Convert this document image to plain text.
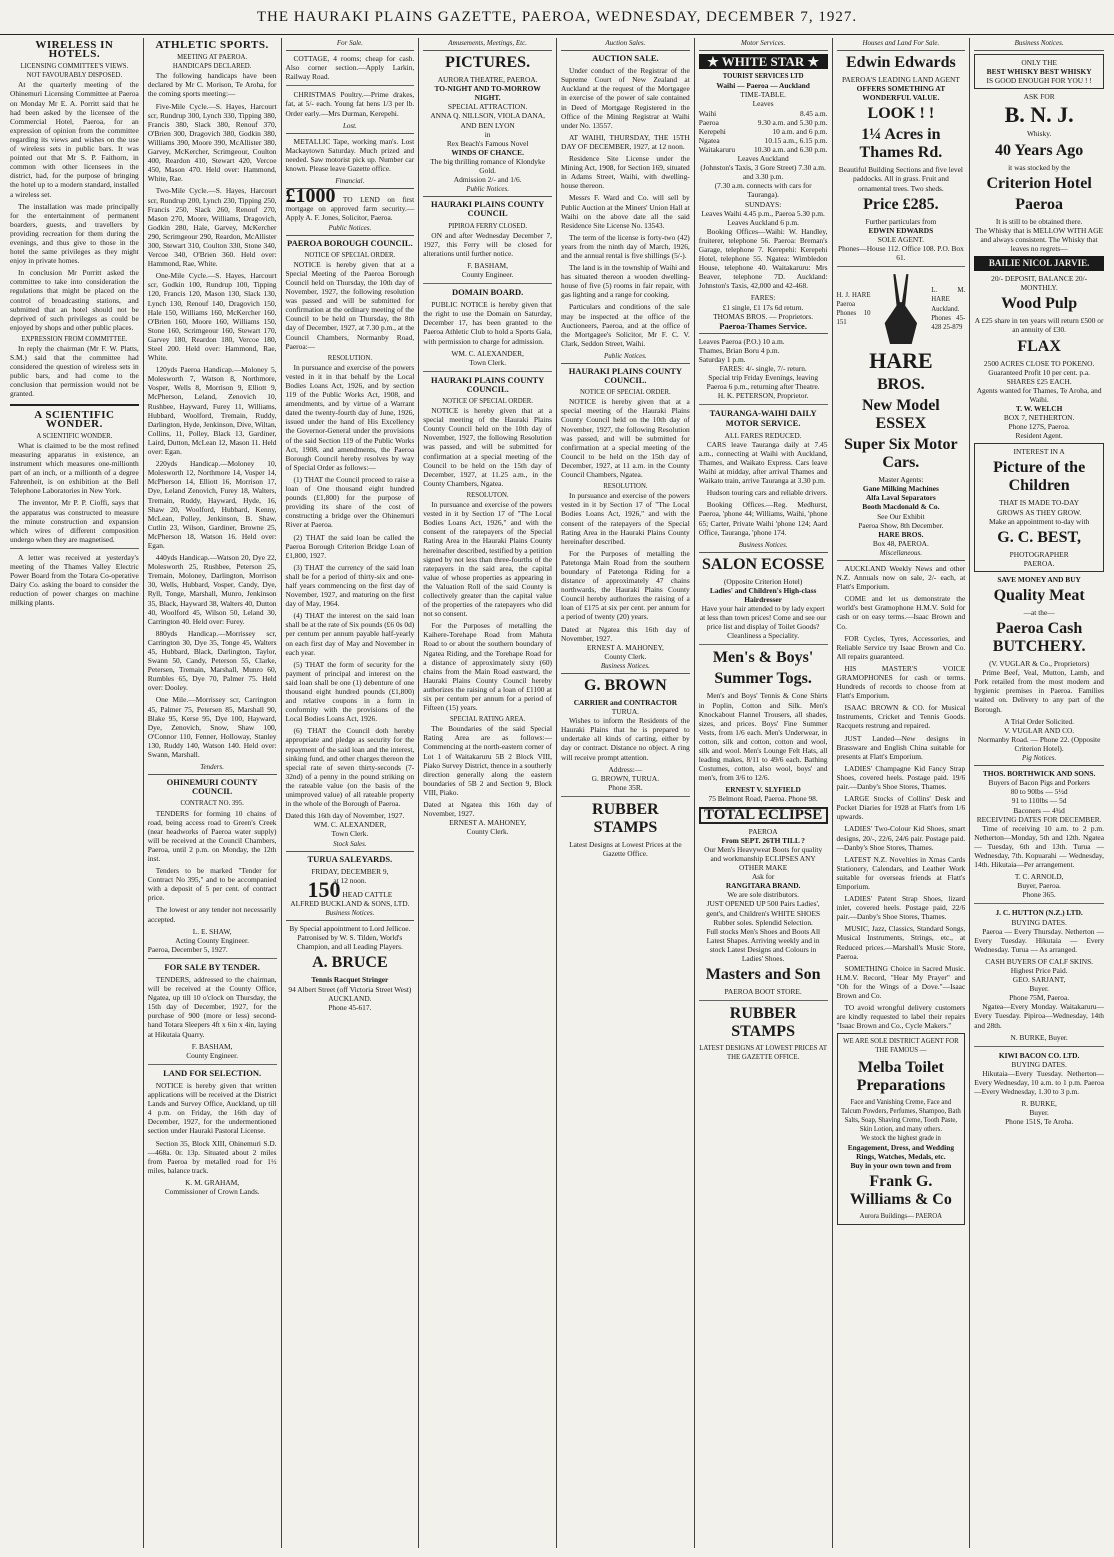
THE HAURAKI PLAINS GAZETTE, PAEROA, WEDNESDAY, DECEMBER 7, 1927.
WIRELESS IN HOTELS.
LICENSING COMMITTEE'S VIEWS.
NOT FAVOURABLY DISPOSED.

At the quarterly meeting of the Ohinemuri Licensing Committee at Paeroa on Monday Mr E. A. Porritt said that he had been asked by the licensee of the Commercial Hotel, Paeroa, for an expression of opinion from the committee regarding its views and wishes on the use of wireless sets in public bars. It was pointed out that Mr S. P. Faithorn, in common with other licensees in the district, had, for the purpose of bringing the hotel up to a modern standard, installed a wireless set.

The installation was made principally for the entertainment of permanent boarders, guests, and travellers by providing recreation for them during the evenings, and thus give to those in the hotel the same privileges as they might enjoy in private homes.

In conclusion Mr Porritt asked the committee to take into consideration the regulations that might be placed on the control of broadcasting stations, and submitted that an hotel should not be deprived of such privileges as could be enjoyed by shops and other public places.

EXPRESSION FROM COMMITTEE.

In reply the chairman (Mr F. W. Platts, S.M.) said that the committee had considered the question of wireless sets in public bars, and had come to the conclusion that permission would not be granted.

A SCIENTIFIC WONDER.
A SCIENTIFIC WONDER.

What is claimed to be the most refined measuring apparatus in existence, an instrument which measures one-millionth part of an inch, or a millionth of a degree Fahrenheit, is on exhibition at the Bell Telephone Laboratories in New York.

The inventor, Mr P. P. Cioffi, says that the apparatus was constructed to measure the minute construction and expansion which wires of different composition undergo when they are magnetised.

A letter was received at yesterday's meeting of the Thames Valley Electric Power Board from the Totara Co-operative Dairy Co. asking the board to consider the reduction of power charges on machine milking plants.

ATHLETIC SPORTS.
MEETING AT PAEROA.
HANDICAPS DECLARED.

The following handicaps have been declared by Mr C. Morison, Te Aroha, for the coming sports meeting:—

Five-Mile Cycle.—S. Hayes, Harcourt scr, Rundrup 300, Lynch 330, Tipping 380, Francis 380, Slack 380, Renouf 370, O'Brien 300, Dragovich 380, Godkin 380, Williams 390, Moore 390, McAllister 380, Garvey, McKercher, Scrimgeour, Coulton 400, Reardon 410, Stewart 420, Vercoe 450, Mason 470. Held over: Hammond, White, Rae.

Two-Mile Cycle.—S. Hayes, Harcourt scr, Rundrup 200, Lynch 230, Tipping 250, Francis 250, Slack 260, Renouf 270, Mason 270, Moore, Williams, Dragovich, Godkin 280, Hale, Garvey, McKercher 290, Scrimgeour 290, Reardon, McAllister 300, Stewart 310, Coulton 330, Stone 340, Vercoe 340, O'Brien 360. Held over: Hammond, Rae, White.

One-Mile Cycle.—S. Hayes, Harcourt scr, Godkin 100, Rundrup 100, Tipping 120, Francis 120, Mason 130, Slack 130, Lynch 130, Renouf 140, Dragovich 150, Hale 150, Williams 160, McKercher 160, O'Brien 160, Moore 160, Williams 150, Stone 160, Scrimgeour 160, Stewart 170, Garvey 180, Reardon 180, Vercoe 180, Steel 200. Held over: Hammond, Rae, White.

120yds Paeroa Handicap.—Moloney 5, Molesworth 7, Watson 8, Northmore, Vosper, Wells 8, Morrison 9, Elliott 9, McPherson, Leland, Zenovich 10, Rushbee, Hayward, Furey 11, Williams, Hubbard, Woolford, Tremain, Ruddy, Darlington, Hyde, Jenkinson, Dive, Wiltan, Collins, 11, Polley, Black 13, Gardiner, Laird, Dutton, McLean 12, Mason 11. Held over: Egan.

220yds Handicap.—Moloney 10, Molesworth 12, Northmore 14, Vosper 14, McPherson 14, Elliott 16, Morrison 17, Dye, Leland Zenovich, Furey 18, Walters, Tremain, Ruddy, Hayward, Hyde, 16, Shaw 20, Woolford, Hubbard, Kenny, McLean, Polley, Jenkinson, B. Shaw, Cutlin 23, Wilson, Gardiner, Browne 25, McPherson 18, Watson 16. Held over: Egan.

440yds Handicap.—Watson 20, Dye 22, Molesworth 25, Rushbee, Peterson 25, Tremain, Moloney, Darlington, Morrison 30, Wells, Hubbard, Vosper, Candy, Dye, Ryll, Tonge, Marshall, Munro, Jenkinson 35, Black, Hayward 38, Walters 40, Dutton 40, Woolford 45, Wilson 50, Leland 30, Carrington 40. Held over: Furey.

880yds Handicap.—Morrissey scr, Carrington 30, Dye 35, Tonge 45, Walters 45, Hubbard, Black, Darlington, Taylor, Swann 50, Candy, Peterson 55, Clarke, Petersen, Tremain, Marshall, Munro 60, Rumbles 65, Dye 70, Palmer 75. Held over: Dooley.

One Mile.—Morrissey scr, Carrington 45, Palmer 75, Petersen 85, Marshall 90, Blake 95, Kerse 95, Dye 100, Hayward, Dye, Zenovich, Snow, Shaw 100, O'Connor 110, Fenner, Holloway, Stanley 130, Ruddy 140, Watson 140. Held over: Swann, Marshall.

Tenders.
OHINEMURI COUNTY COUNCIL
CONTRACT NO. 395.

TENDERS for forming 10 chains of road, being access road to Green's Creek (near headworks of Paeroa water supply) will be received at the Council Chambers, Paeroa, until 2 p.m. on Monday, the 12th inst.

Tenders to be marked "Tender for Contract No 395," and to be accompanied with a deposit of 5 per cent. of contract price.

The lowest or any tender not necessarily accepted.

L. E. SHAW,
Acting County Engineer.
Paeroa, December 5, 1927.
FOR SALE BY TENDER.

TENDERS, addressed to the chairman, will be received at the County Office, Ngatea, up till 10 o'clock on Thursday, the 15th day of December, 1927, for the purchase of 900 (more or less) second-hand Totara Sleepers 4ft x 6in x 4in, laying at Hikutaia Quarry.

F. BASHAM,
County Engineer.
LAND FOR SELECTION.

NOTICE is hereby given that written applications will be received at the District Lands and Survey Office, Auckland, up till 4 p.m. on Friday, the 16th day of December, 1927, for the undermentioned section under Hauraki Pastoral License.

Section 35, Block XIII, Ohinemuri S.D.—468a. 0r. 13p. Situated about 2 miles from Paeroa by metalled road for 1½ miles, balance track.

K. M. GRAHAM,
Commissioner of Crown Lands.
For Sale.

COTTAGE, 4 rooms; cheap for cash. Also corner section.—Apply Larkin, Railway Road.

CHRISTMAS Poultry.—Prime drakes, fat, at 5/- each. Young fat hens 1/3 per lb. Order early.—Mrs Durman, Kerepehi.

Lost.

METALLIC Tape, working man's. Lost Mackaytown Saturday. Much prized and needed. Saw motorist pick up. Number car known. Please leave Gazette office.

Financial.
£1000 TO LEND on first mortgage on approved farm security.—Apply A. F. Jones, Solicitor, Paeroa.
Public Notices.
PAEROA BOROUGH COUNCIL.
NOTICE OF SPECIAL ORDER.

NOTICE is hereby given that at a Special Meeting of the Paeroa Borough Council held on Thursday, the 10th day of November, 1927, the following resolution was passed and will be submitted for confirmation at the ordinary meeting of the Council to be held on Thursday, the 8th day of December, 1927, at 7.30 p.m., at the Council Chambers, Normanby Road, Paeroa:—

RESOLUTION.

In pursuance and exercise of the powers vested in it in that behalf by the Local Bodies Loans Act, 1926, and by section 119 of the Public Works Act, 1908, and amendments, and by virtue of a Warrant dated the twenty-fourth day of June, 1926, issued under the hand of His Excellency the Governor-General under the provisions of the said Section 119 of the Public Works Act, 1908, and amendments, the Paeroa Borough Council hereby resolves by way of Special Order as follows:—

(1) THAT the Council proceed to raise a loan of One thousand eight hundred pounds (£1,800) for the purpose of providing its share of the cost of constructing a bridge over the Ohinemuri River at Paeroa.

(2) THAT the said loan be called the Paeroa Borough Criterion Bridge Loan of £1,800, 1927.

(3) THAT the currency of the said loan shall be for a period of thirty-six and one-half years commencing on the first day of November, 1927, and maturing on the first day of May, 1964.

(4) THAT the interest on the said loan shall be at the rate of Six pounds (£6 0s 0d) per centum per annum payable half-yearly on each first day of May and November in each year.

(5) THAT the form of security for the payment of principal and interest on the said loan shall be one (1) debenture of one thousand eight hundred pounds (£1,800) and relative coupons in a form in conformity with the provisions of the Local Bodies Loans Act, 1926.

(6) THAT the Council doth hereby appropriate and pledge as security for the repayment of the said loan and the interest, sinking fund, and other charges thereon the special rate of seven thirty-seconds (7-32nd) of a penny in the pound striking on the rateable value (on the basis of the unimproved value) of all rateable property in the whole of the Borough of Paeroa.

Dated this 16th day of November, 1927.
WM. C. ALEXANDER,
Town Clerk.
Stock Sales.
TURUA SALEYARDS.
FRIDAY, DECEMBER 9,
at 12 noon.
150 HEAD CATTLE
ALFRED BUCKLAND & SONS, LTD.
Business Notices.
By Special appointment to Lord Jellicoe.
Patronised by W. S. Tilden, World's Champion, and all Leading Players.
A. BRUCE
Tennis Racquet Stringer
94 Albert Street (off Victoria Street West) AUCKLAND.
Phone 45-617.
Amusements, Meetings, Etc.
PICTURES.
AURORA THEATRE, PAEROA.
TO-NIGHT AND TO-MORROW NIGHT.
SPECIAL ATTRACTION.
ANNA Q. NILLSON, VIOLA DANA, AND BEN LYON
in
Rex Beach's Famous Novel
WINDS OF CHANCE.
The big thrilling romance of Klondyke Gold.
Admission 2/- and 1/6.
Public Notices.
HAURAKI PLAINS COUNTY COUNCIL
PIPIROA FERRY CLOSED.

ON and after Wednesday December 7, 1927, this Ferry will be closed for alterations until further notice.

F. BASHAM,
County Engineer.
DOMAIN BOARD.

PUBLIC NOTICE is hereby given that the right to use the Domain on Saturday, December 17, has been granted to the Paeroa Athletic Club to hold a Sports Gala, with permission to charge for admission.

WM. C. ALEXANDER,
Town Clerk.
HAURAKI PLAINS COUNTY COUNCIL.
NOTICE OF SPECIAL ORDER.

NOTICE is hereby given that at a special meeting of the Hauraki Plains County Council held on the 10th day of November, 1927, the following Resolution was passed, and will be submitted for confirmation at a special meeting of the Council to be held on the 15th day of December, 1927, at 11.25 a.m., in the County Chambers, Ngatea.

RESOLUTON.

In pursuance and exercise of the powers vested in it by Section 17 of "The Local Bodies Loans Act, 1926," and with the consent of the ratepayers of the Special Rating Area in the Hauraki Plains County hereinafter described, testified by a petition signed by not less than three-fourths of the ratepayers in the said area, the capital value of whose properties as appearing in the Valuation Roll of the said County is collectively greater than the capital value of the properties of the ratepayers who did not so consent.

For the Purposes of metalling the Kaihere-Torehape Road from Mahuta Road to or about the southern boundary of Ngatea Riding, and the Torehape Road for a distance of approximately sixty (60) chains from the Main Road eastward, the Hauraki Plains County Council hereby authorizes the raising of a loan of £1100 at six per centum per annum for a period of Fifteen (15) years.

SPECIAL RATING AREA.

The Boundaries of the said Special Rating Area are as follows:— Commencing at the north-eastern corner of Lot 1 of Waitakaruru 5B 2 Block VIII, Piako Survey District, thence in a southerly direction generally along the eastern boundaries of 5B 2 and Section 9, Block VIII, Piako.

Dated at Ngatea this 16th day of November, 1927.
ERNEST A. MAHONEY,
County Clerk.
Auction Sales.
AUCTION SALE.

Under conduct of the Registrar of the Supreme Court of New Zealand at Auckland at the request of the Mortgagee in exercise of the power of sale contained in Deed of Mortgage Registered in the Office of the Mining Registrar at Waihi under No. 13557.

AT WAIHI, THURSDAY, THE 15TH DAY OF DECEMBER, 1927, at 12 noon.

Residence Site License under the Mining Act, 1908, for Section 169, situated in Adams Street, Waihi, with dwelling-house thereon.

Messrs F. Ward and Co. will sell by Public Auction at the Miners' Union Hall at Waihi on the above date all the said Residence Site License No. 13543.

The term of the license is forty-two (42) years from the ninth day of March, 1926, and the annual rental is five shillings (5/-).

The land is in the township of Waihi and has situated thereon a wooden dwelling-house of five (5) rooms in fair repair, with gas lighting and a range for cooking.

Particulars and conditions of the sale may be inspected at the office of the Auctioneers, Paeroa, and at the office of the Mortgagee's Solicitor, Mr F. C. V. Clark, Seddon Street, Waihi.

Public Notices.
HAURAKI PLAINS COUNTY COUNCIL.
NOTICE OF SPECIAL ORDER.

NOTICE is hereby given that at a special meeting of the Hauraki Plains County Council held on the 10th day of November, 1927, the following Resolution was passed, and will be submitted for confirmation at a special meeting of the Council to be held on the 15th day of December, 1927, at 11 a.m. in the County Council Chambers, Ngatea.

RESOLUTION.

In pursuance and exercise of the powers vested in it by Section 17 of "The Local Bodies Loans Act, 1926," and with the consent of the ratepayers of the Special Rating Area in the Hauraki Plains County hereinafter described.

For the Purposes of metalling the Patetonga Main Road from the southern boundary of Patetonga Riding for a distance of approximately 47 chains northwards, the Hauraki Plains County Council hereby authorizes the raising of a loan of £175 at six per cent. per annum for a period of twenty (20) years.

Dated at Ngatea this 16th day of November, 1927.
ERNEST A. MAHONEY,
County Clerk.
Business Notices.
G. BROWN
CARRIER and CONTRACTOR
TURUA.

Wishes to inform the Residents of the Hauraki Plains that he is prepared to undertake all kinds of carting, either by day or contract. Distance no object. A ring will receive prompt attention.

Address:—
G. BROWN, TURUA.
Phone 35R.
RUBBER STAMPS
Latest Designs at Lowest Prices at the Gazette Office.
Motor Services.
★ WHITE STAR ★
TOURIST SERVICES LTD
Waihi — Paeroa — Auckland
TIME-TABLE.
Leaves
Waihi	8.45 a.m.
Paeroa	9.30 a.m. and 5.30 p.m.
Kerepehi	10 a.m. and 6 p.m.
Ngatea	10.15 a.m., 6.15 p.m.
Waitakaruru	10.30 a.m. and 6.30 p.m.
Leaves Auckland
(Johnston's Taxis, 3 Gore Street) 7.30 a.m. and 3.30 p.m.
(7.30 a.m. connects with cars for Tauranga).
SUNDAYS:
Leaves Waihi 4.45 p.m., Paeroa 5.30 p.m.
Leaves Auckland 6 p.m.

Booking Offices—Waihi: W. Handley, fruiterer, telephone 56. Paeroa: Breman's Garage, telephone 7. Kerepehi: Kerepehi Hotel, telephone 55. Ngatea: Wimbledon House, telephone 40. Waitakaruru: Mrs Beaver, telephone 7D. Auckland: Johnston's Taxis, 42,000 and 42-468.

FARES:
£1 single, £1 17s 6d return.
THOMAS BROS. — Proprietors.
Paeroa-Thames Service.
Leaves Paeroa (P.O.) 10 a.m.
Thames, Brian Boru 4 p.m.
Saturday 1 p.m.
FARES: 4/- single, 7/- return.
Special trip Friday Evenings, leaving Paeroa 6 p.m., returning after Theatre.
H. K. PETERSON, Proprietor.
TAURANGA-WAIHI DAILY MOTOR SERVICE.
ALL FARES REDUCED.

CARS leave Tauranga daily at 7.45 a.m., connecting at Waihi with Auckland, Thames, and Waikato Express. Cars leave Waihi at midday, after arrival Thames and Waikato train, arrive Tauranga at 3.30 p.m.

Hudson touring cars and reliable drivers.

Booking Offices.—Reg. Medhurst, Paeroa, 'phone 44; Williams, Waihi, 'phone 65; Carter, Private Waihi 'phone 124; Aard Office, Tauranga, 'phone 174.

Business Notices.
SALON ECOSSE
(Opposite Criterion Hotel)
Ladies' and Children's High-class Hairdresser
Have your hair attended to by lady expert at less than town prices! Come and see our price list and display of Toilet Goods?
Cleanliness a Speciality.
Men's & Boys'
Summer Togs.

Men's and Boys' Tennis & Cone Shirts in Poplin, Cotton and Silk. Men's Knockabout Flannel Trousers, all shades, sizes, and prices. Boys' Fine Summer Vests, from 1/6 each. Men's Underwear, in cotton, silk and cotton, cotton and wool, silk and wool. Men's Lounge Felt Hats, all leading makes, 8/11 to 49/6 each. Bathing Costumes, cotton, also wool, boys' and men's, from 3/6 to 12/6.

ERNEST V. SLYFIELD
75 Belmont Road, Paeroa. Phone 98.
TOTAL ECLIPSE
PAEROA
From SEPT. 26TH TILL ?
Our Men's Heavyweat Boots for quality and workmanship ECLIPSES ANY OTHER MAKE
Ask for
RANGITARA BRAND.
We are sole distributors.
JUST OPENED UP 500 Pairs Ladies', gent's, and Children's WHITE SHOES Rubber soles. Splendid Selection.
Full stocks Men's Shoes and Boots All Latest Shapes. Arriving weekly and in stock Latest Designs and Colours in Ladies' Shoes.
Masters and Son
PAEROA BOOT STORE.
RUBBER STAMPS
LATEST DESIGNS AT LOWEST PRICES AT THE GAZETTE OFFICE.
Houses and Land For Sale.
Edwin Edwards
PAEROA'S LEADING LAND AGENT
OFFERS SOMETHING AT WONDERFUL VALUE.
LOOK ! !
1¼ Acres in Thames Rd.
Beautiful Building Sections and five level paddocks. All in grass. Fruit and ornamental trees. Two sheds.
Price £285.
Further particulars from
EDWIN EDWARDS
SOLE AGENT.
Phones—House 112. Office 108. P.O. Box 61.
H. J. HARE Paeroa Phones 10 151
L. M. HARE Auckland. Phones 45-428 25-879
HARE
BROS.
New Model ESSEX
Super Six Motor Cars.
Master Agents:
Gane Milking Machines
Alfa Laval Separators
Booth Macdonald & Co.
See Our Exhibit
Paeroa Show, 8th December.
HARE BROS.
Box 48, PAEROA.
Miscellaneous.

AUCKLAND Weekly News and other N.Z. Annuals now on sale, 2/- each, at Flatt's Emporium.

COME and let us demonstrate the world's best Gramophone H.M.V. Sold for cash or on easy terms.—Isaac Brown and Co.

FOR Cycles, Tyres, Accessories, and Reliable Service try Isaac Brown and Co. All repairs guaranteed.

HIS MASTER'S VOICE GRAMOPHONES for cash or terms. Hundreds of records to choose from at Flatt's Emporium.

ISAAC BROWN & CO. for Musical Instruments, Cricket and Tennis Goods. Racquets restrung and repaired.

JUST Landed—New designs in Brassware and English China suitable for presents at Flatt's Emporium.

LADIES' Champagne Kid Fancy Strap Shoes, covered heels. Postage paid. 19/6 pair.—Danby's Shoe Stores, Thames.

LARGE Stocks of Collins' Desk and Pocket Diaries for 1928 at Flatt's from 1/6 upwards.

LADIES' Two-Colour Kid Shoes, smart designs, 20/-, 22/6, 24/6 pair. Postage paid.—Danby's Shoe Stores, Thames.

LATEST N.Z. Novelties in Xmas Cards Stationery, Calendars, and Leather Work suitable for overseas friends at Flatt's Emporium.

LADIES' Patent Strap Shoes, lizard inlet, covered heels. Postage paid, 22/6 pair.—Danby's Shoe Stores, Thames.

MUSIC, Jazz, Classics, Standard Songs, Musical Instruments, Strings, etc., at Reduced prices.—Marshall's Music Store, Paeroa.

SOMETHING Choice in Sacred Music. H.M.V. Record, "Hear My Prayer" and "Oh for the Wings of a Dove."—Isaac Brown and Co.

TO avoid wrongful delivery customers are kindly requested to label their repairs "Isaac Brown and Co., Cycle Makers."

WE ARE SOLE DISTRICT AGENT FOR THE FAMOUS —
Melba Toilet Preparations
Face and Vanishing Creme, Face and Talcum Powders, Perfumes, Shampoo, Bath Salts, Soap, Shaving Creme, Tooth Paste, Skin Lotion, and many others.
We stock the highest grade in
Engagement, Dress, and Wedding Rings, Watches, Medals, etc.
Buy in your own town and from
Frank G. Williams & Co
Aurora Buildings— PAEROA
Business Notices.
ONLY THE
BEST WHISKY BEST WHISKY
IS GOOD ENOUGH FOR YOU ! !
ASK FOR
B. N. J.
Whisky.
40 Years Ago
it was stocked by the
Criterion Hotel
Paeroa
It is still to be obtained there.
The Whisky that is MELLOW WITH AGE and always consistent. The Whisky that leaves no regrets—
BAILIE NICOL JARVIE.
20/- DEPOSIT, BALANCE 20/- MONTHLY.
Wood Pulp
A £25 share in ten years will return £500 or an annuity of £30.
FLAX
2500 ACRES CLOSE TO POKENO.
Guaranteed Profit 10 per cent. p.a.
SHARES £25 EACH.
Agents wanted for Thames, Te Aroha, and Waihi.
T. W. WELCH
BOX 7, NETHERTON.
Phone 127S, Paeroa.
Resident Agent.
INTEREST IN A
Picture of the Children
THAT IS MADE TO-DAY
GROWS AS THEY GROW.
Make an appointment to-day with
G. C. BEST,
PHOTOGRAPHER
PAEROA.
SAVE MONEY AND BUY
Quality Meat
—at the—
Paeroa Cash BUTCHERY.
(V. VUGLAR & Co., Proprietors)

Prime Beef, Veal, Mutton, Lamb, and Pork retailed from the most modern and hygienic premises in Paeroa. Families waited on. Delivery to any part of the Borough.

A Trial Order Solicited.
V. VUGLAR AND CO.
Normanby Road. — Phone 22. (Opposite Criterion Hotel).
Pig Notices.
THOS. BORTHWICK AND SONS.
Buyers of Bacon Pigs and Porkers
80 to 90lbs — 5½d
91 to 110lbs — 5d
Baconers — 4¾d
RECEIVING DATES FOR DECEMBER.

Time of receiving 10 a.m. to 2 p.m. Netherton—Monday, 5th and 12th. Ngatea — Tuesday, 6th and 13th. Turua —Wednesday, 7th. Kopuarahi — Wednesday, 14th. Hikutaia—Per arrangement.

T. C. ARNOLD,
Buyer, Paeroa.
Phone 365.
J. C. HUTTON (N.Z.) LTD.
BUYING DATES.

Paeroa — Every Thursday. Netherton — Every Tuesday. Hikutaia — Every Wednesday. Turua — As arranged.

CASH BUYERS OF CALF SKINS. Highest Price Paid.
GEO. SARJANT,
Buyer.
Phone 75M, Paeroa.

Ngatea—Every Monday. Waitakaruru—Every Tuesday. Pipiroa—Wednesday, 14th and 28th.

N. BURKE, Buyer.
KIWI BACON CO. LTD.
BUYING DATES.

Hikutaia—Every Tuesday. Netherton—Every Wednesday, 10 a.m. to 1 p.m. Paeroa—Every Wednesday, 1.30 to 3 p.m.

R. BURKE,
Buyer.
Phone 151S, Te Aroha.
